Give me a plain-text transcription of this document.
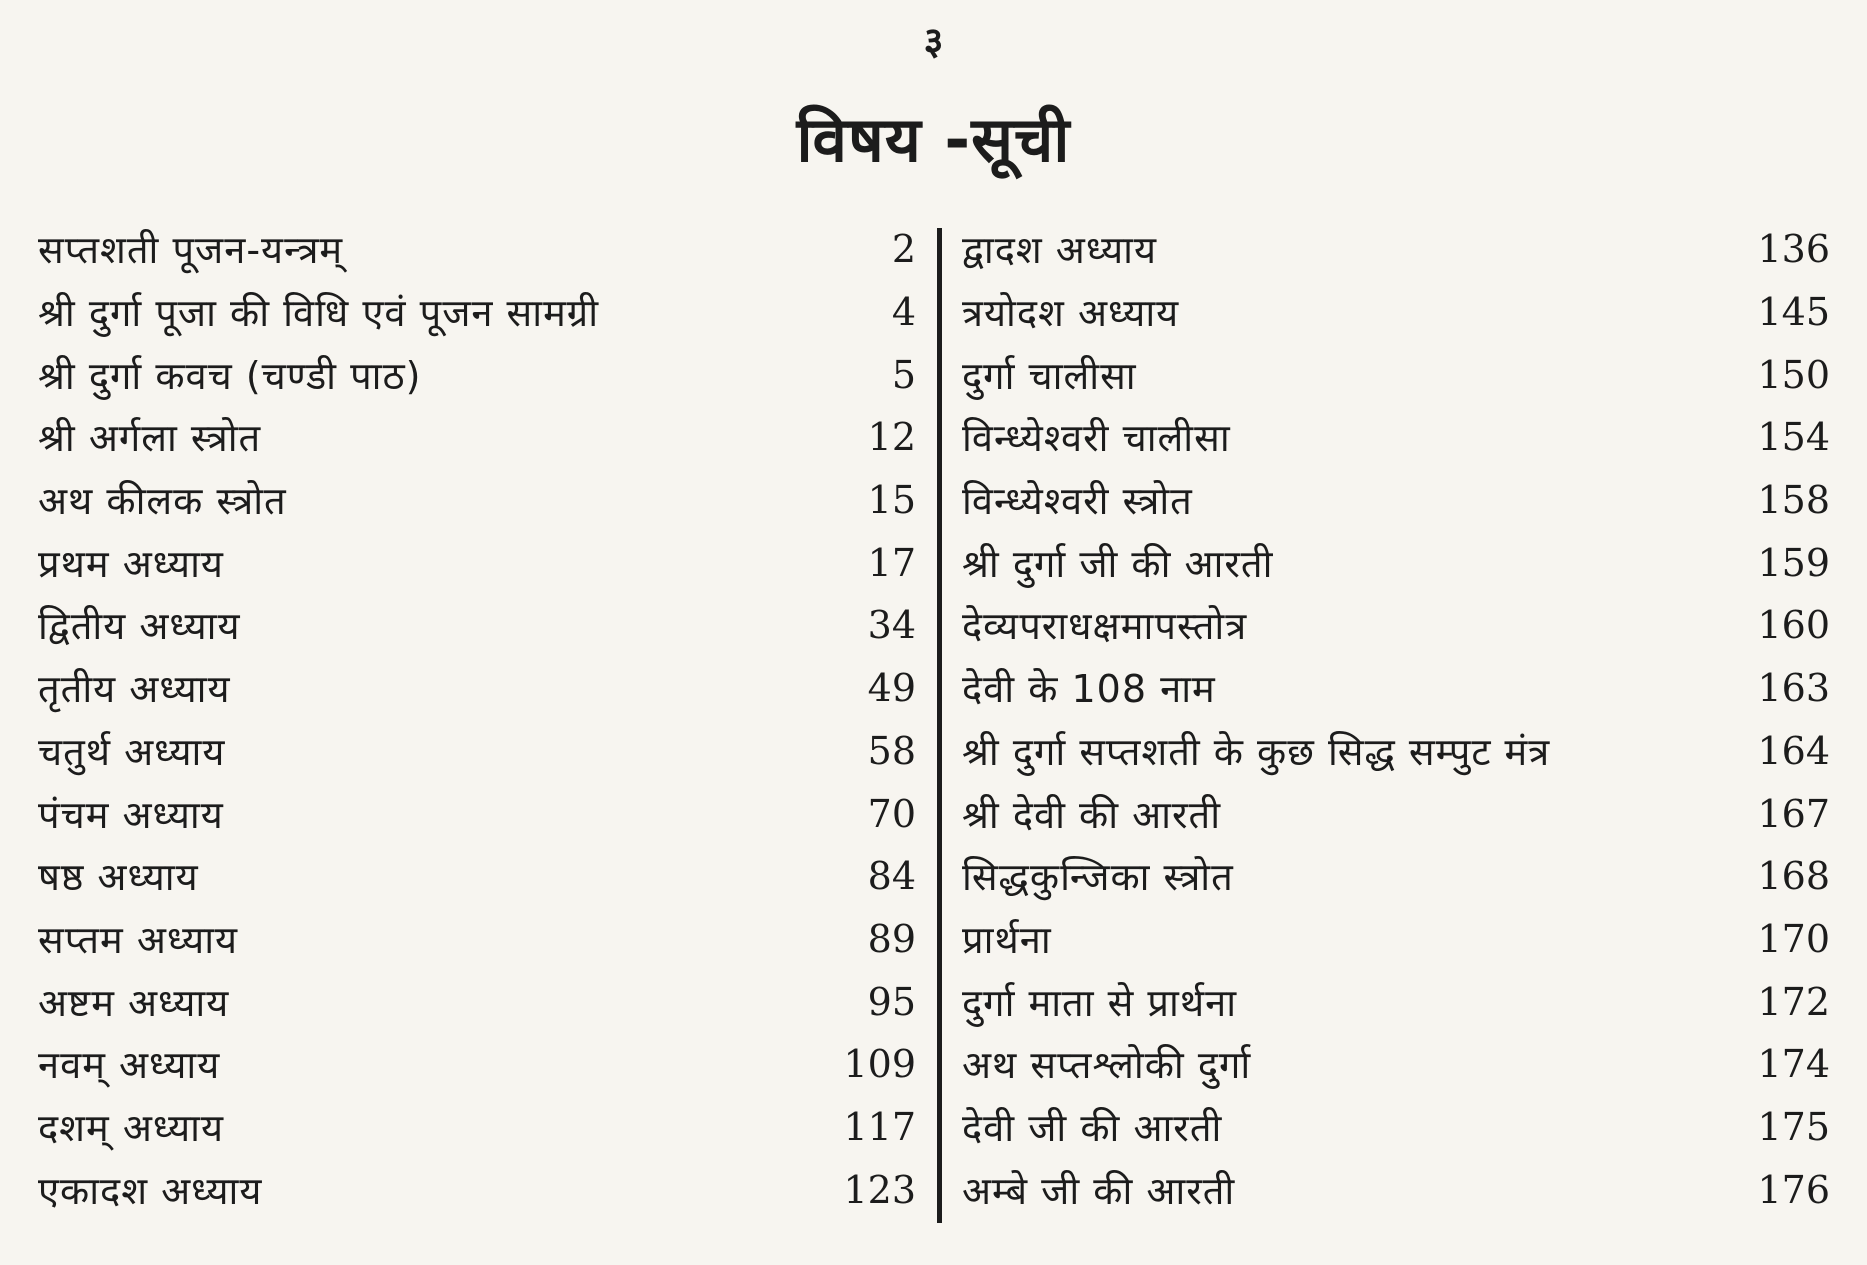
३
विषय -सूची
सप्तशती पूजन-यन्त्रम्	2
श्री दुर्गा पूजा की विधि एवं पूजन सामग्री	4
श्री दुर्गा कवच (चण्डी पाठ)	5
श्री अर्गला स्त्रोत	12
अथ कीलक स्त्रोत	15
प्रथम अध्याय	17
द्वितीय अध्याय	34
तृतीय अध्याय	49
चतुर्थ अध्याय	58
पंचम अध्याय	70
षष्ठ अध्याय	84
सप्तम अध्याय	89
अष्टम अध्याय	95
नवम् अध्याय	109
दशम् अध्याय	117
एकादश अध्याय	123
द्वादश अध्याय	136
त्रयोदश अध्याय	145
दुर्गा चालीसा	150
विन्ध्येश्वरी चालीसा	154
विन्ध्येश्वरी स्त्रोत	158
श्री दुर्गा जी की आरती	159
देव्यपराधक्षमापस्तोत्र	160
देवी के 108 नाम	163
श्री दुर्गा सप्तशती के कुछ सिद्ध सम्पुट मंत्र	164
श्री देवी की आरती	167
सिद्धकुन्जिका स्त्रोत	168
प्रार्थना	170
दुर्गा माता से प्रार्थना	172
अथ सप्तश्लोकी दुर्गा	174
देवी जी की आरती	175
अम्बे जी की आरती	176
